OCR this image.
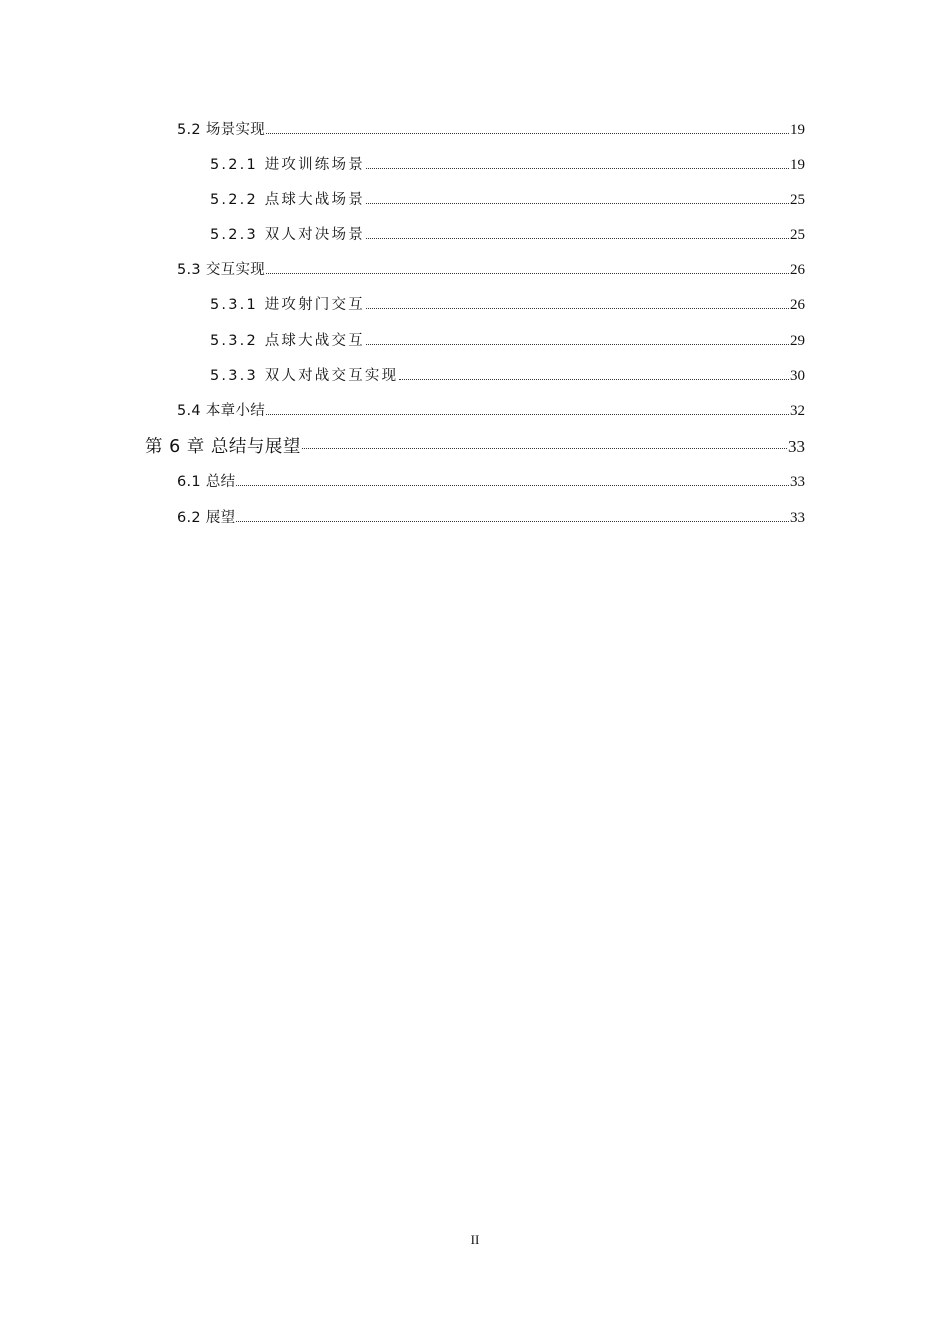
5.2 场景实现	19
5.2.1 进攻训练场景	19
5.2.2 点球大战场景	25
5.2.3 双人对决场景	25
5.3 交互实现	26
5.3.1 进攻射门交互	26
5.3.2 点球大战交互	29
5.3.3 双人对战交互实现	30
5.4 本章小结	32
第 6 章 总结与展望	33
6.1 总结	33
6.2 展望	33
II
